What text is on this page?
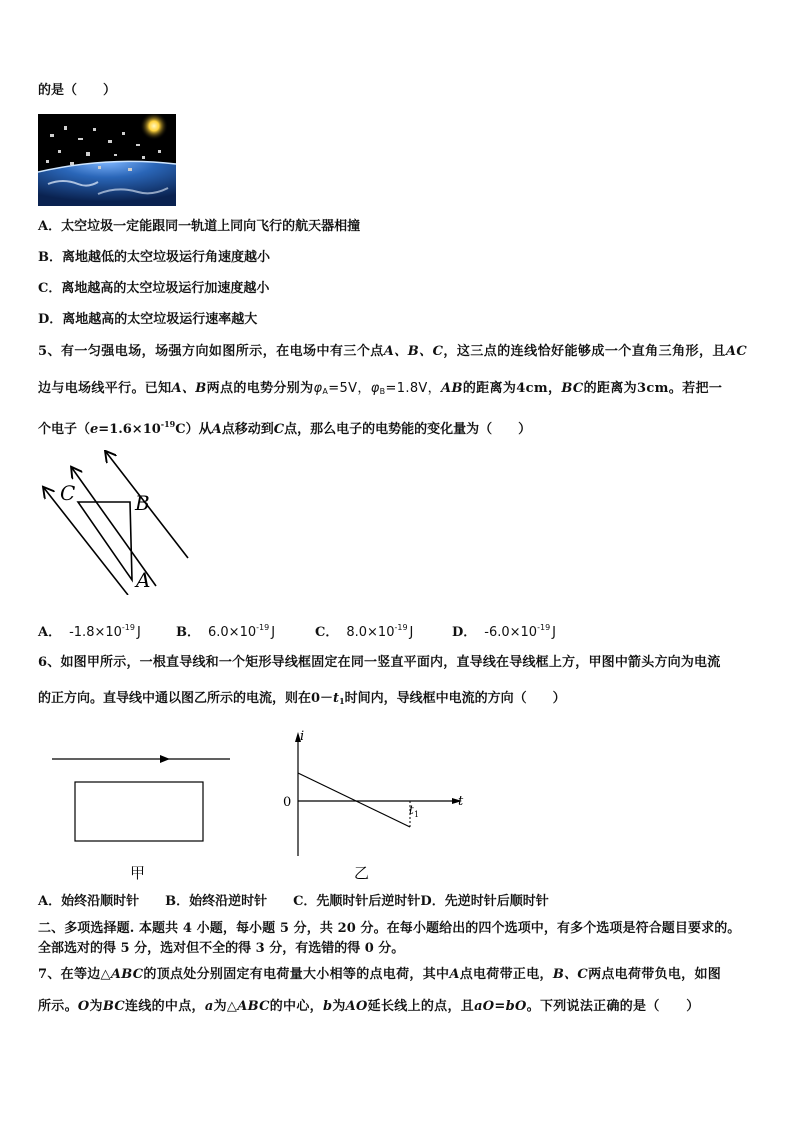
的是（　　）
A．太空垃圾一定能跟同一轨道上同向飞行的航天器相撞
B．离地越低的太空垃圾运行角速度越小
C．离地越高的太空垃圾运行加速度越小
D．离地越高的太空垃圾运行速率越大
5、有一匀强电场，场强方向如图所示，在电场中有三个点A、B、C，这三点的连线恰好能够成一个直角三角形，且AC
边与电场线平行。已知A、B两点的电势分别为$\varphi_A=5V$，$\varphi_B=1.8V$，AB的距离为4cm，BC的距离为3cm。若把一
个电子$(e=1.6\times 10^{-19}C)$从A点移动到C点，那么电子的电势能的变化量为（　　）
C	B
A
A． $-1.8\times 10^{-19}$ J	B． $6.0\times 10^{-19}$ J	C． $8.0\times 10^{-19}$ J	D． $-6.0\times 10^{-19}$ J
6、如图甲所示，一根直导线和一个矩形导线框固定在同一竖直平面内，直导线在导线框上方，甲图中箭头方向为电流
的正方向。直导线中通以图乙所示的电流，则在$0-t_1$时间内，导线框中电流的方向（　　）
甲
i
t
0	t 1
乙
A．始终沿顺时针　　B．始终沿逆时针　　C．先顺时针后逆时针D．先逆时针后顺时针
二、多项选择题. 本题共 4 小题，每小题 5 分，共 20 分。在每小题给出的四个选项中，有多个选项是符合题目要求的。
全部选对的得 5 分，选对但不全的得 3 分，有选错的得 0 分。
7、在等边△ABC的顶点处分别固定有电荷量大小相等的点电荷，其中A点电荷带正电，B、C两点电荷带负电，如图
所示。O为BC连线的中点，a为△ABC的中心，b为AO延长线上的点，且aO=bO。下列说法正确的是（　　）
